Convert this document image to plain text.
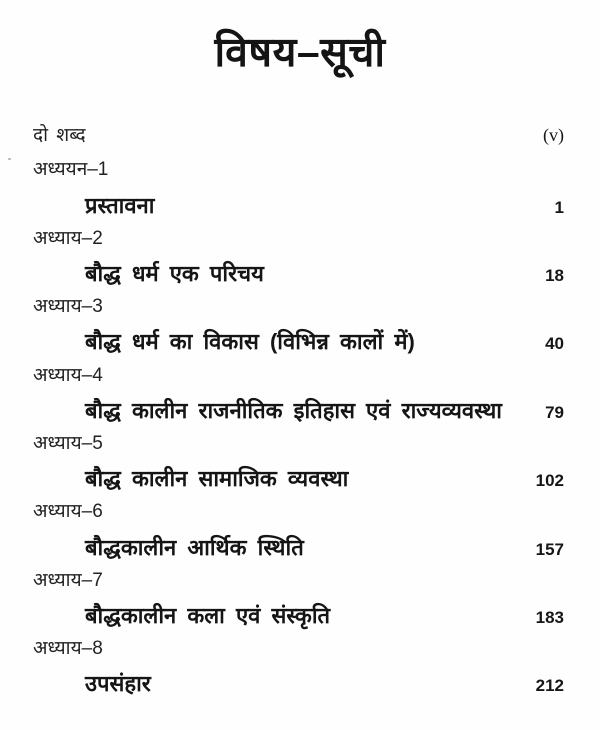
विषय–सूची
दो शब्द	(v)
अध्ययन–1
प्रस्तावना	1
अध्याय–2
बौद्ध धर्म एक परिचय	18
अध्याय–3
बौद्ध धर्म का विकास (विभिन्न कालों में)	40
अध्याय–4
बौद्ध कालीन राजनीतिक इतिहास एवं राज्यव्यवस्था	79
अध्याय–5
बौद्ध कालीन सामाजिक व्यवस्था	102
अध्याय–6
बौद्धकालीन आर्थिक स्थिति	157
अध्याय–7
बौद्धकालीन कला एवं संस्कृति	183
अध्याय–8
उपसंहार	212
